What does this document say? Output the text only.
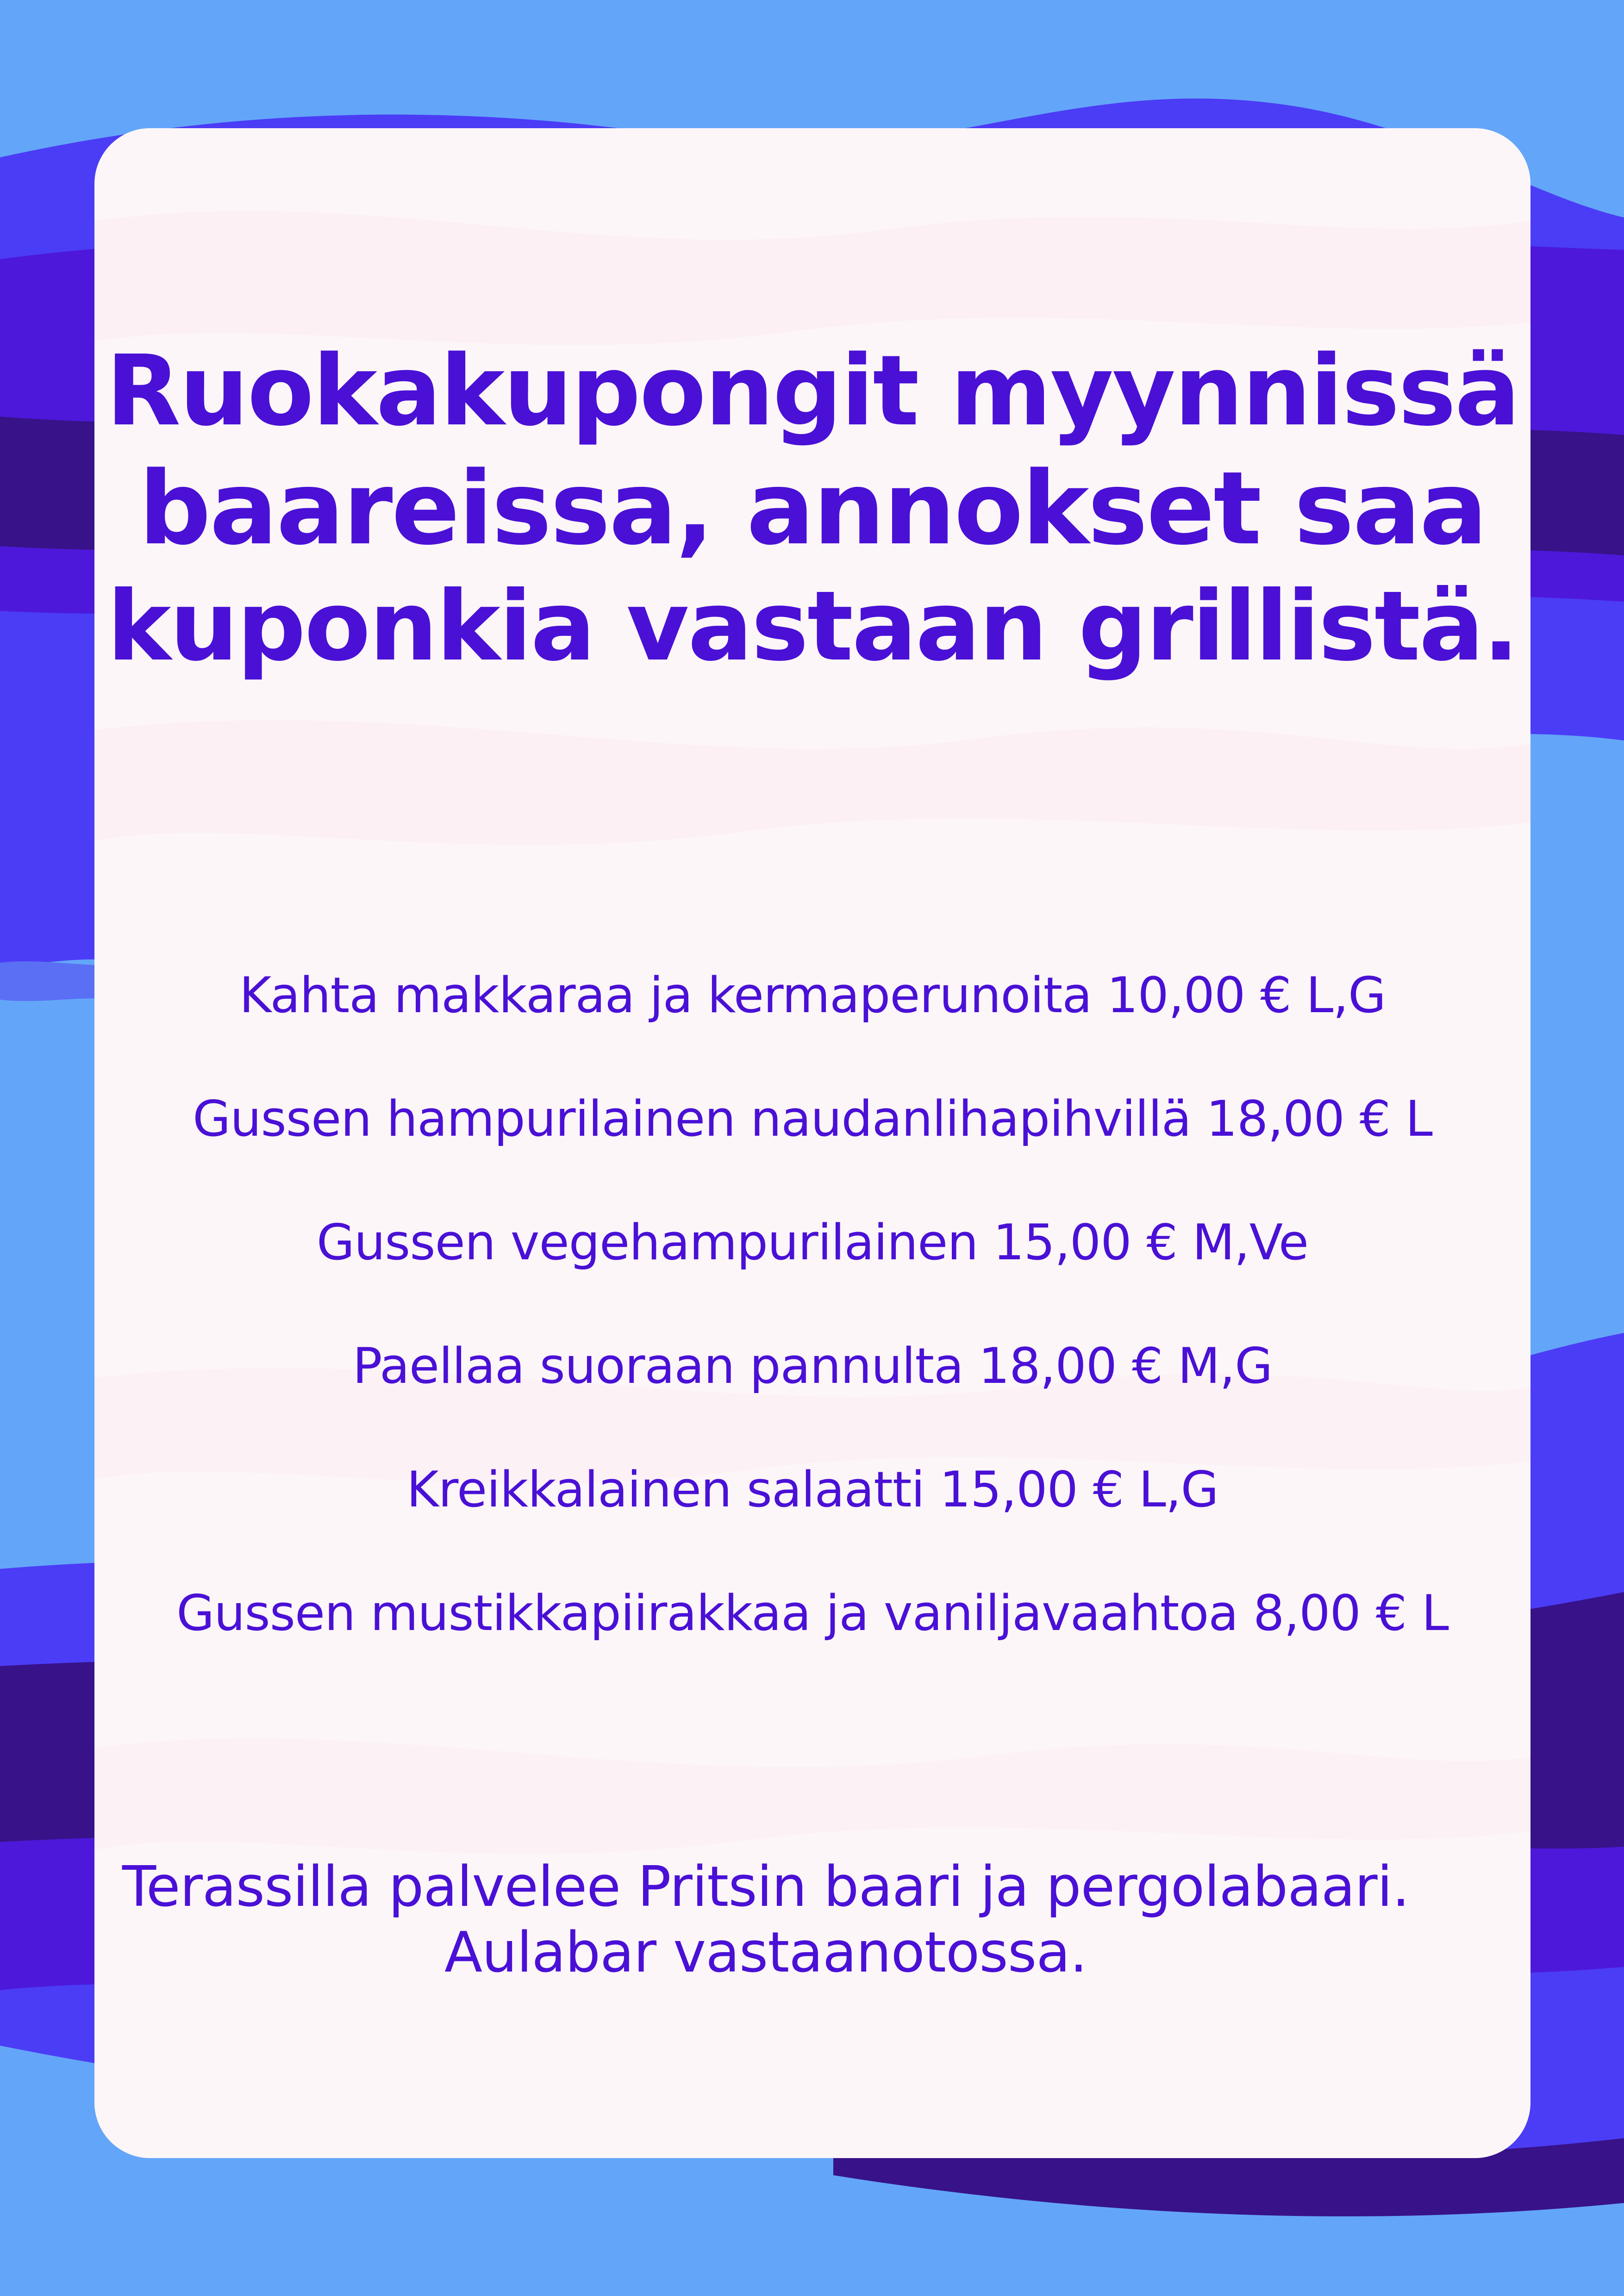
Ruokakupongit myynnissä
baareissa, annokset saa
kuponkia vastaan grillistä.
Kahta makkaraa ja kermaperunoita 10,00 € L,G
Gussen hampurilainen naudanlihapihvillä 18,00 € L
Gussen vegehampurilainen 15,00 € M,Ve
Paellaa suoraan pannulta 18,00 € M,G
Kreikkalainen salaatti 15,00 € L,G
Gussen mustikkapiirakkaa ja vaniljavaahtoa 8,00 € L

Terassilla palvelee Pritsin baari ja pergolabaari.
Aulabar vastaanotossa.
